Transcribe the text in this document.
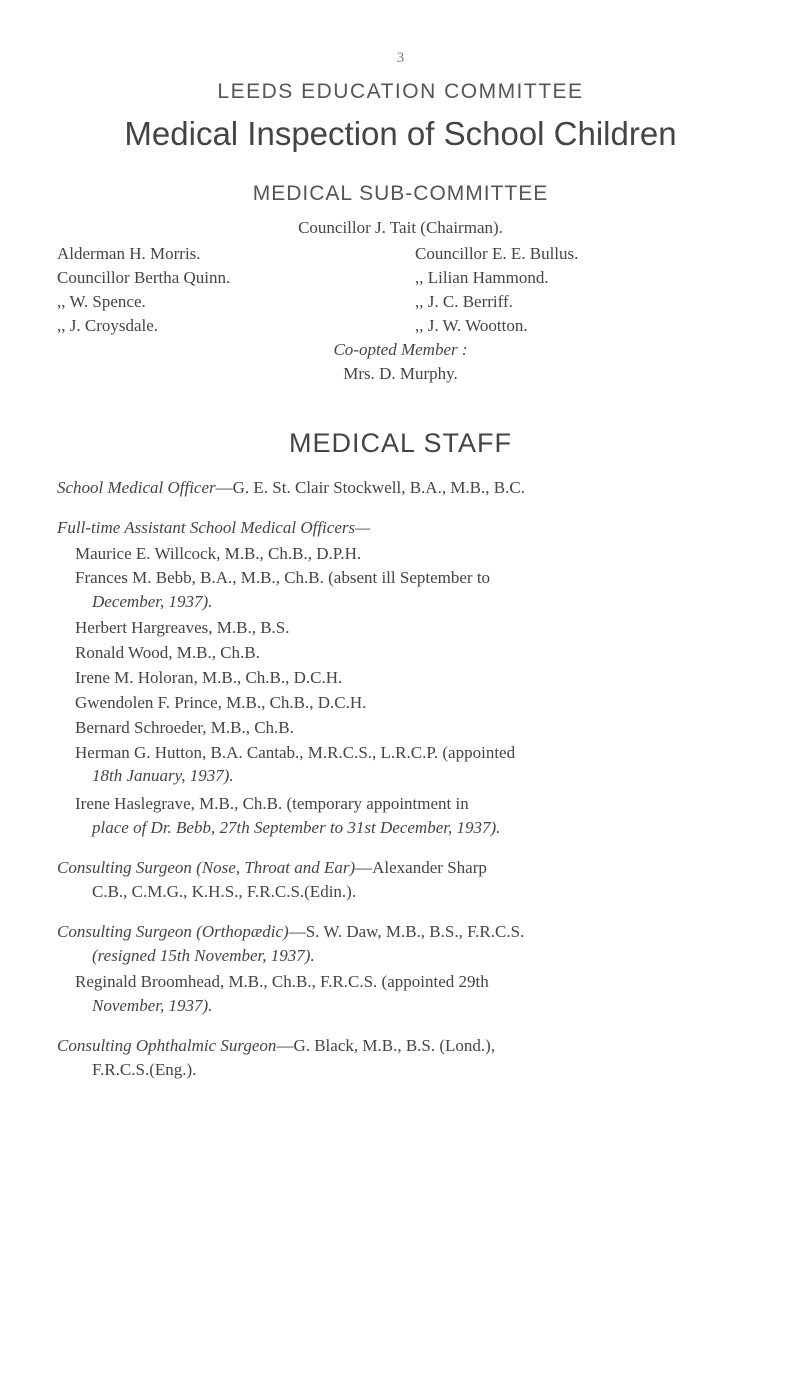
3
LEEDS EDUCATION COMMITTEE
Medical Inspection of School Children
MEDICAL SUB-COMMITTEE
Councillor J. Tait (Chairman).
Alderman H. Morris.
Councillor Bertha Quinn.
,, W. Spence.
,, J. Croysdale.
Councillor E. E. Bullus.
,, Lilian Hammond.
,, J. C. Berriff.
,, J. W. Wootton.
Co-opted Member :
Mrs. D. Murphy.
MEDICAL STAFF
School Medical Officer—G. E. St. Clair Stockwell, B.A., M.B., B.C.
Full-time Assistant School Medical Officers—
Maurice E. Willcock, M.B., Ch.B., D.P.H.
Frances M. Bebb, B.A., M.B., Ch.B. (absent ill September to
December, 1937).
Herbert Hargreaves, M.B., B.S.
Ronald Wood, M.B., Ch.B.
Irene M. Holoran, M.B., Ch.B., D.C.H.
Gwendolen F. Prince, M.B., Ch.B., D.C.H.
Bernard Schroeder, M.B., Ch.B.
Herman G. Hutton, B.A. Cantab., M.R.C.S., L.R.C.P. (appointed
18th January, 1937).
Irene Haslegrave, M.B., Ch.B. (temporary appointment in
place of Dr. Bebb, 27th September to 31st December, 1937).
Consulting Surgeon (Nose, Throat and Ear)—Alexander Sharp
C.B., C.M.G., K.H.S., F.R.C.S.(Edin.).
Consulting Surgeon (Orthopædic)—S. W. Daw, M.B., B.S., F.R.C.S.
(resigned 15th November, 1937).
Reginald Broomhead, M.B., Ch.B., F.R.C.S. (appointed 29th
November, 1937).
Consulting Ophthalmic Surgeon—G. Black, M.B., B.S. (Lond.),
F.R.C.S.(Eng.).
